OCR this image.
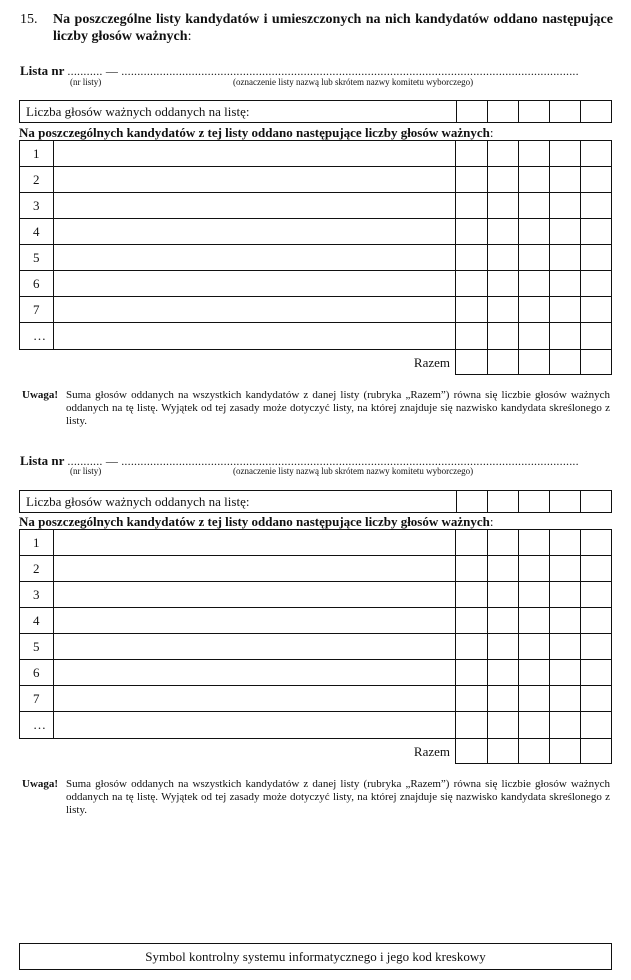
15. Na poszczególne listy kandydatów i umieszczonych na nich kandydatów oddano następujące liczby głosów ważnych:
Lista nr ........... — ...............................................................................................................................................
(nr listy)	(oznaczenie listy nazwą lub skrótem nazwy komitetu wyborczego)
Liczba głosów ważnych oddanych na listę:
Na poszczególnych kandydatów z tej listy oddano następujące liczby głosów ważnych:
1
2
3
4
5
6
7
…
Razem
Uwaga! Suma głosów oddanych na wszystkich kandydatów z danej listy (rubryka „Razem”) równa się liczbie głosów ważnych oddanych na tę listę. Wyjątek od tej zasady może dotyczyć listy, na której znajduje się nazwisko kandydata skreślonego z listy.
Lista nr ........... — ...............................................................................................................................................
(nr listy)	(oznaczenie listy nazwą lub skrótem nazwy komitetu wyborczego)
Liczba głosów ważnych oddanych na listę:
Na poszczególnych kandydatów z tej listy oddano następujące liczby głosów ważnych:
1
2
3
4
5
6
7
…
Razem
Uwaga! Suma głosów oddanych na wszystkich kandydatów z danej listy (rubryka „Razem”) równa się liczbie głosów ważnych oddanych na tę listę. Wyjątek od tej zasady może dotyczyć listy, na której znajduje się nazwisko kandydata skreślonego z listy.
Symbol kontrolny systemu informatycznego i jego kod kreskowy
